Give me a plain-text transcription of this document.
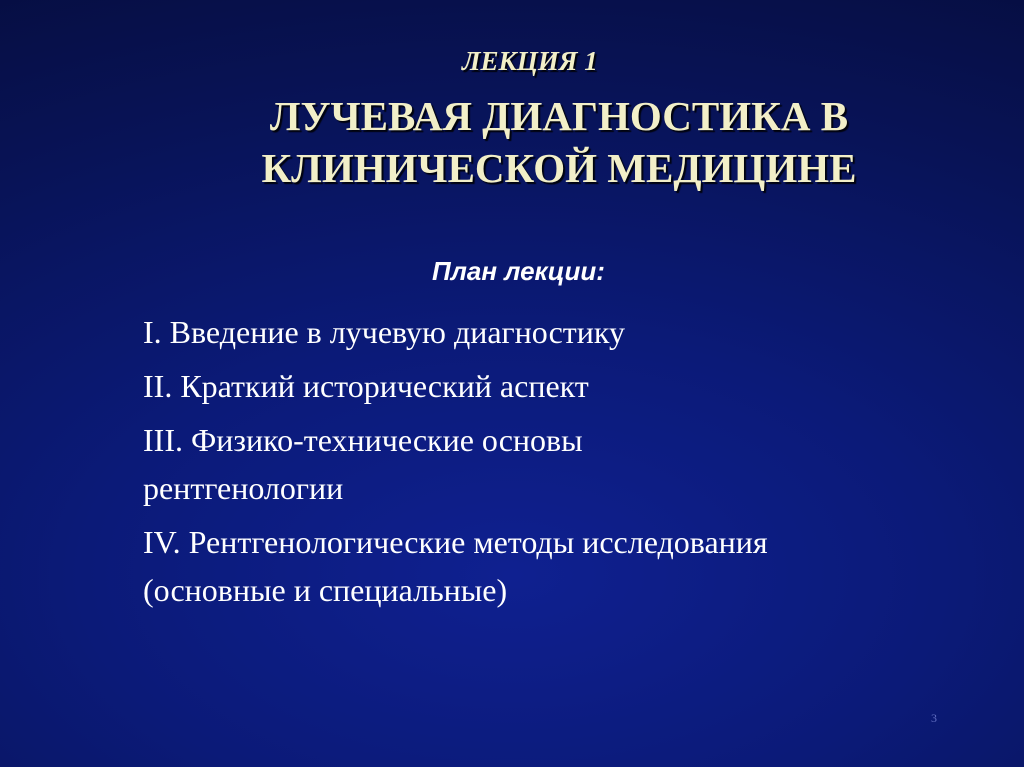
ЛЕКЦИЯ 1
ЛУЧЕВАЯ ДИАГНОСТИКА В
КЛИНИЧЕСКОЙ МЕДИЦИНЕ
План лекции:
I. Введение в лучевую диагностику
II. Краткий исторический аспект
III. Физико-технические основы
рентгенологии
IV. Рентгенологические методы исследования
(основные и специальные)
3
